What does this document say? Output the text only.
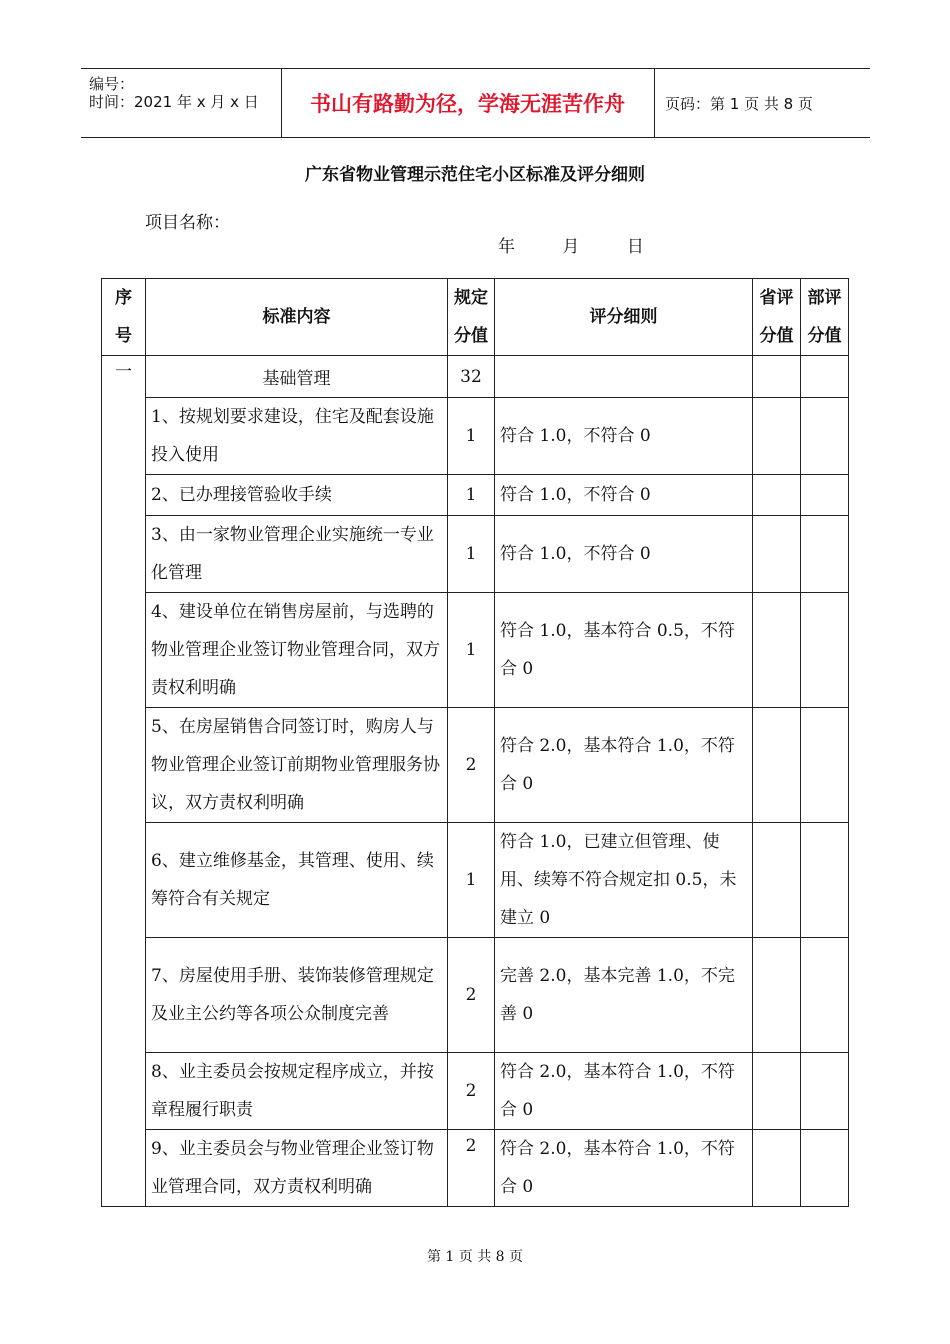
编号：
时间：2021 年 x 月 x 日	书山有路勤为径，学海无涯苦作舟	页码：第 1 页 共 8 页
广东省物业管理示范住宅小区标准及评分细则
项目名称：
年	月	日
序号	标准内容	规定分值	评分细则	省评分值	部评分值
一	基础管理	32			
	1、按规划要求建设，住宅及配套设施投入使用	1	符合 1.0，不符合 0		
	2、已办理接管验收手续	1	符合 1.0，不符合 0		
	3、由一家物业管理企业实施统一专业化管理	1	符合 1.0，不符合 0		
	4、建设单位在销售房屋前，与选聘的物业管理企业签订物业管理合同，双方责权利明确	1	符合 1.0，基本符合 0.5，不符合 0		
	5、在房屋销售合同签订时，购房人与物业管理企业签订前期物业管理服务协议，双方责权利明确	2	符合 2.0，基本符合 1.0，不符合 0		
	6、建立维修基金，其管理、使用、续筹符合有关规定	1	符合 1.0，已建立但管理、使用、续筹不符合规定扣 0.5，未建立 0		
	7、房屋使用手册、装饰装修管理规定及业主公约等各项公众制度完善	2	完善 2.0，基本完善 1.0，不完善 0		
	8、业主委员会按规定程序成立，并按章程履行职责	2	符合 2.0，基本符合 1.0，不符合 0		
	9、业主委员会与物业管理企业签订物业管理合同，双方责权利明确	2	符合 2.0，基本符合 1.0，不符合 0		
第 1 页 共 8 页
